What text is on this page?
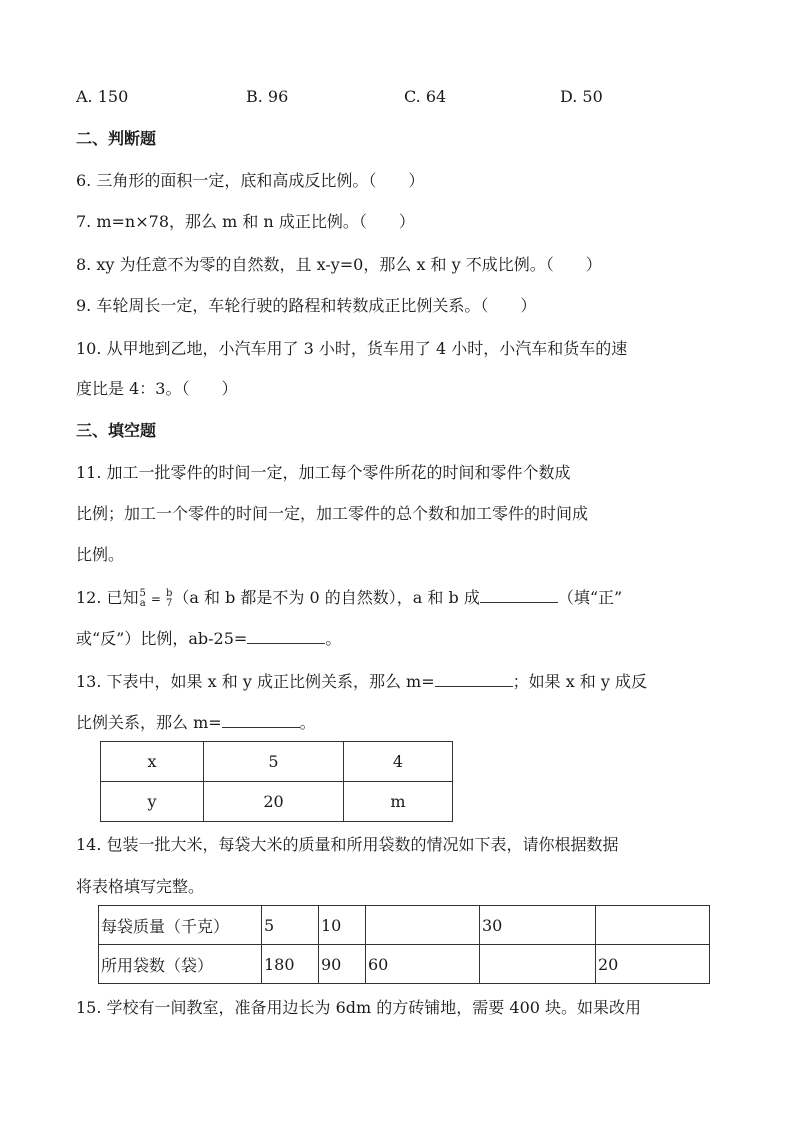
A. 150	B. 96	C. 64	D. 50
二、判断题
6. 三角形的面积一定，底和高成反比例。（　　）
7. m=n×78，那么 m 和 n 成正比例。（　　）
8. xy 为任意不为零的自然数，且 x-y=0，那么 x 和 y 不成比例。（　　）
9. 车轮周长一定，车轮行驶的路程和转数成正比例关系。（　　）
10. 从甲地到乙地，小汽车用了 3 小时，货车用了 4 小时，小汽车和货车的速
度比是 4：3。（　　）
三、填空题
11. 加工一批零件的时间一定，加工每个零件所花的时间和零件个数成
比例；加工一个零件的时间一定，加工零件的总个数和加工零件的时间成
比例。
12. 已知 5
a = b
7 （a 和 b 都是不为 0 的自然数），a 和 b 成	（填“正”
或“反”）比例，ab-25=	。
13. 下表中，如果 x 和 y 成正比例关系，那么 m=	；如果 x 和 y 成反
比例关系，那么 m=	。
x	5	4
y	20	m
14. 包装一批大米，每袋大米的质量和所用袋数的情况如下表，请你根据数据
将表格填写完整。
每袋质量（千克）	5	10		30	
所用袋数（袋）	180	90	60		20
15. 学校有一间教室，准备用边长为 6dm 的方砖铺地，需要 400 块。如果改用
